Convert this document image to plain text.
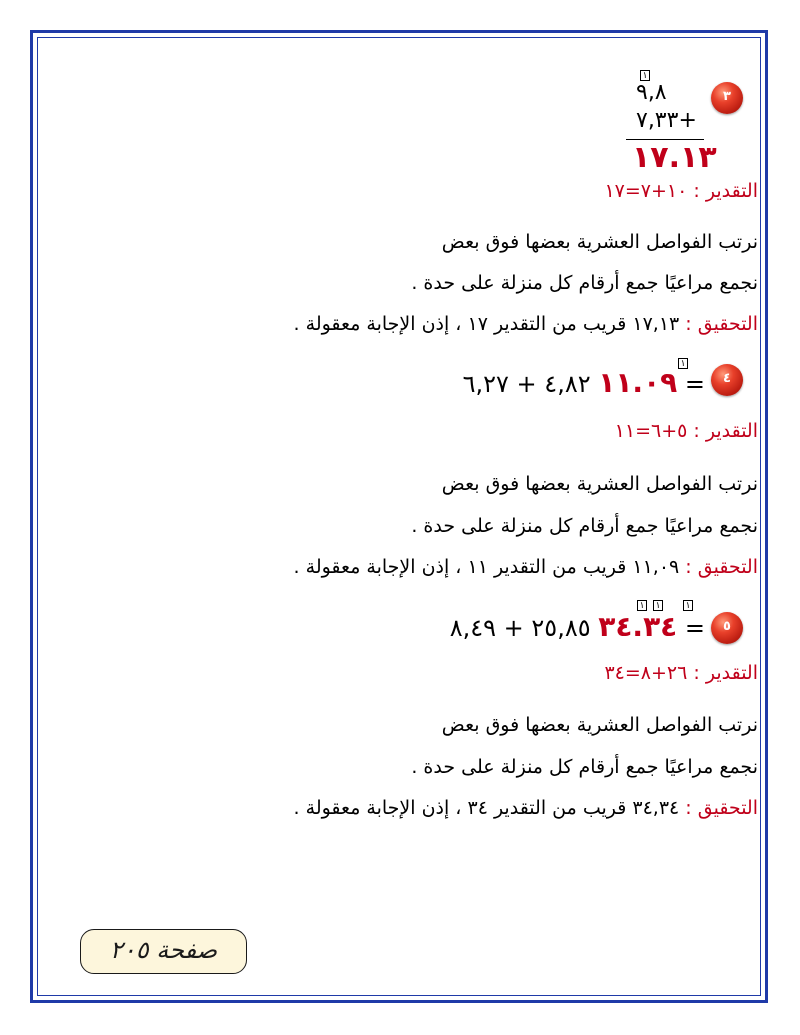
٣
١
٩,٨
٧,٣٣+
١٧.١٣
التقدير : ١٠+٧=١٧
نرتب الفواصل العشرية بعضها فوق بعض
نجمع مراعيًا جمع أرقام كل منزلة على حدة .
التحقيق : ١٧,١٣ قريب من التقدير ١٧ ، إذن الإجابة معقولة .
٤
١
١١.٠٩ ٤,٨٢ + ٦,٢٧ =
التقدير : ٥+٦=١١
نرتب الفواصل العشرية بعضها فوق بعض
نجمع مراعيًا جمع أرقام كل منزلة على حدة .
التحقيق : ١١,٠٩ قريب من التقدير ١١ ، إذن الإجابة معقولة .
٥
١
١ ١
٣٤.٣٤ ٢٥,٨٥ + ٨,٤٩ =
التقدير : ٢٦+٨=٣٤
نرتب الفواصل العشرية بعضها فوق بعض
نجمع مراعيًا جمع أرقام كل منزلة على حدة .
التحقيق : ٣٤,٣٤ قريب من التقدير ٣٤ ، إذن الإجابة معقولة .
صفحة ٢٠٥
